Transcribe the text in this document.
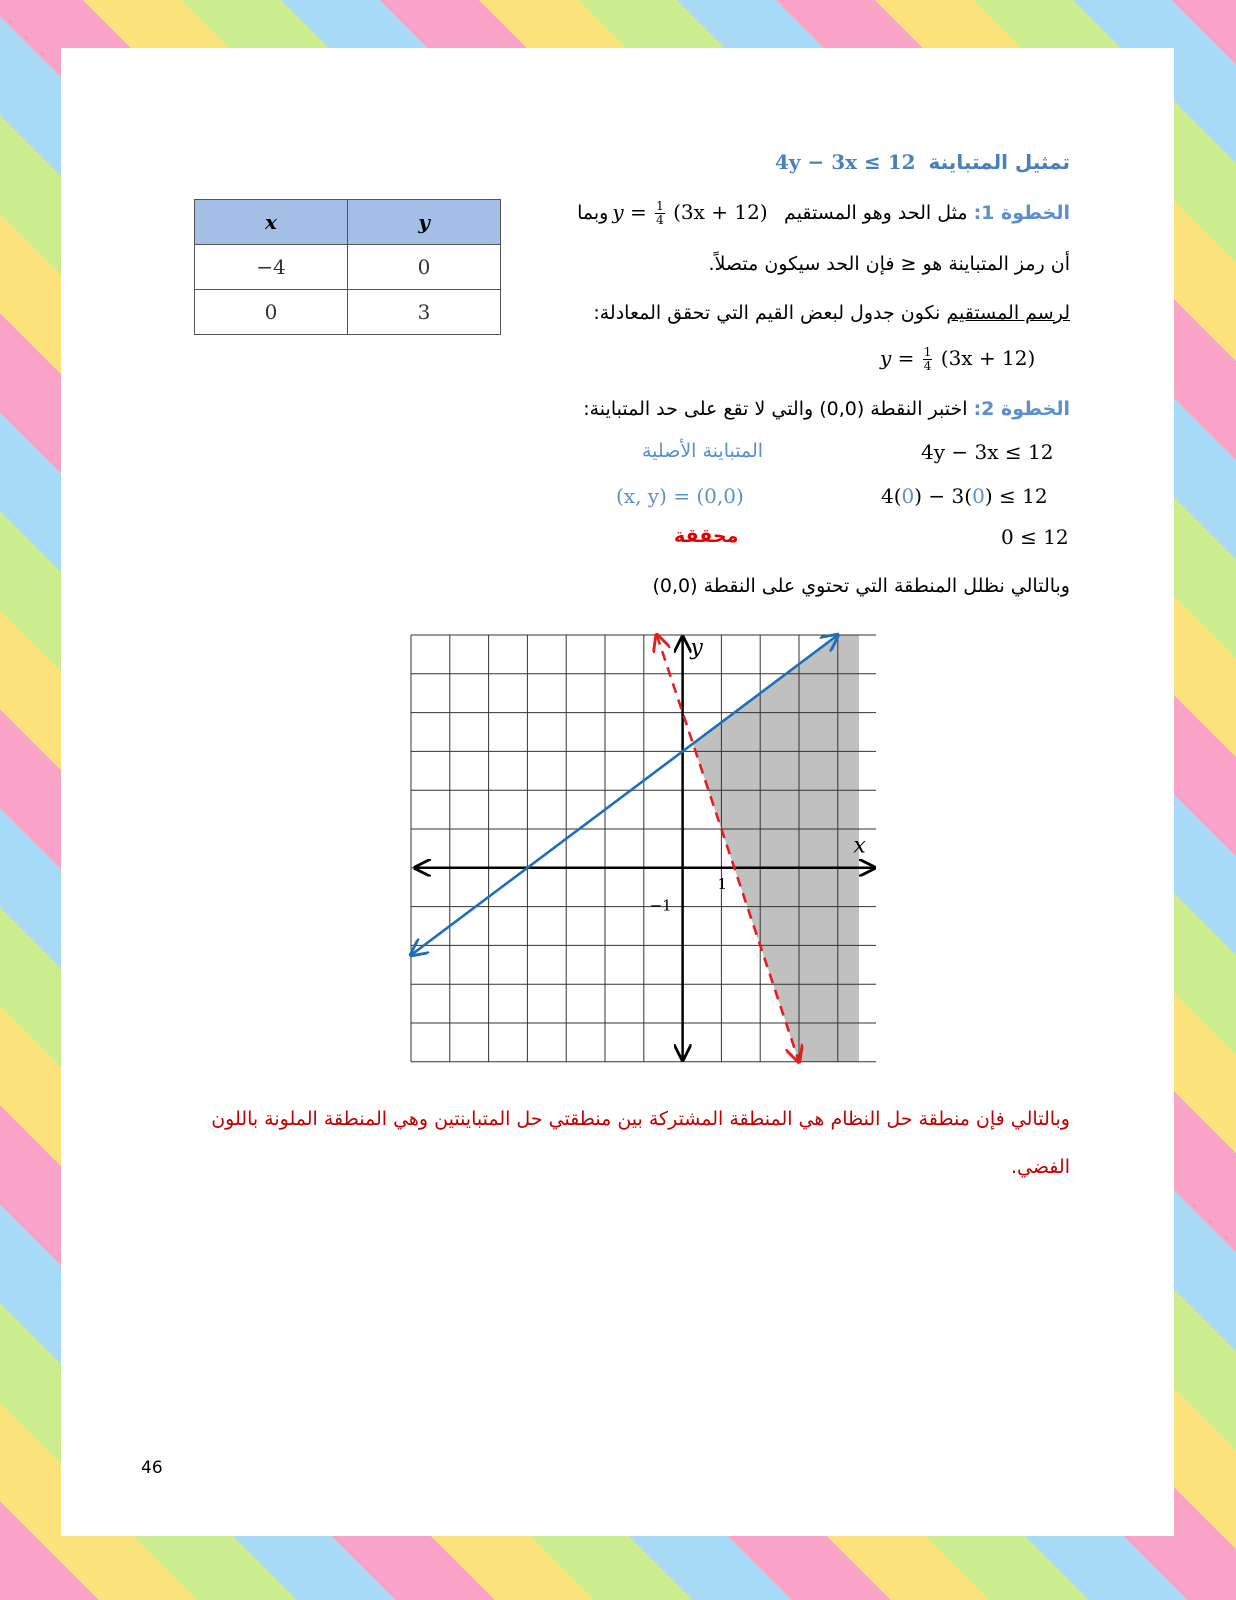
تمثيل المتباينة 4y − 3x ≤ 12
الخطوة 1: مثل الحد وهو المستقيم $y = \frac{1}{4} (3x + 12)$ وبما
أن رمز المتباينة هو ≤ فإن الحد سيكون متصلاً.
لرسم المستقيم نكون جدول لبعض القيم التي تحقق المعادلة:
$y = \frac{1}{4} (3x + 12)$
x	y
−4	0
0	3
الخطوة 2: اختبر النقطة (0,0) والتي لا تقع على حد المتباينة:
4y − 3x ≤ 12
المتباينة الأصلية
4(0) − 3(0) ≤ 12
(x, y) = (0,0)
0 ≤ 12
محققة
وبالتالي نظلل المنطقة التي تحتوي على النقطة (0,0)
x
y
1
−1
وبالتالي فإن منطقة حل النظام هي المنطقة المشتركة بين منطقتي حل المتباينتين وهي المنطقة الملونة باللون
الفضي.
46
